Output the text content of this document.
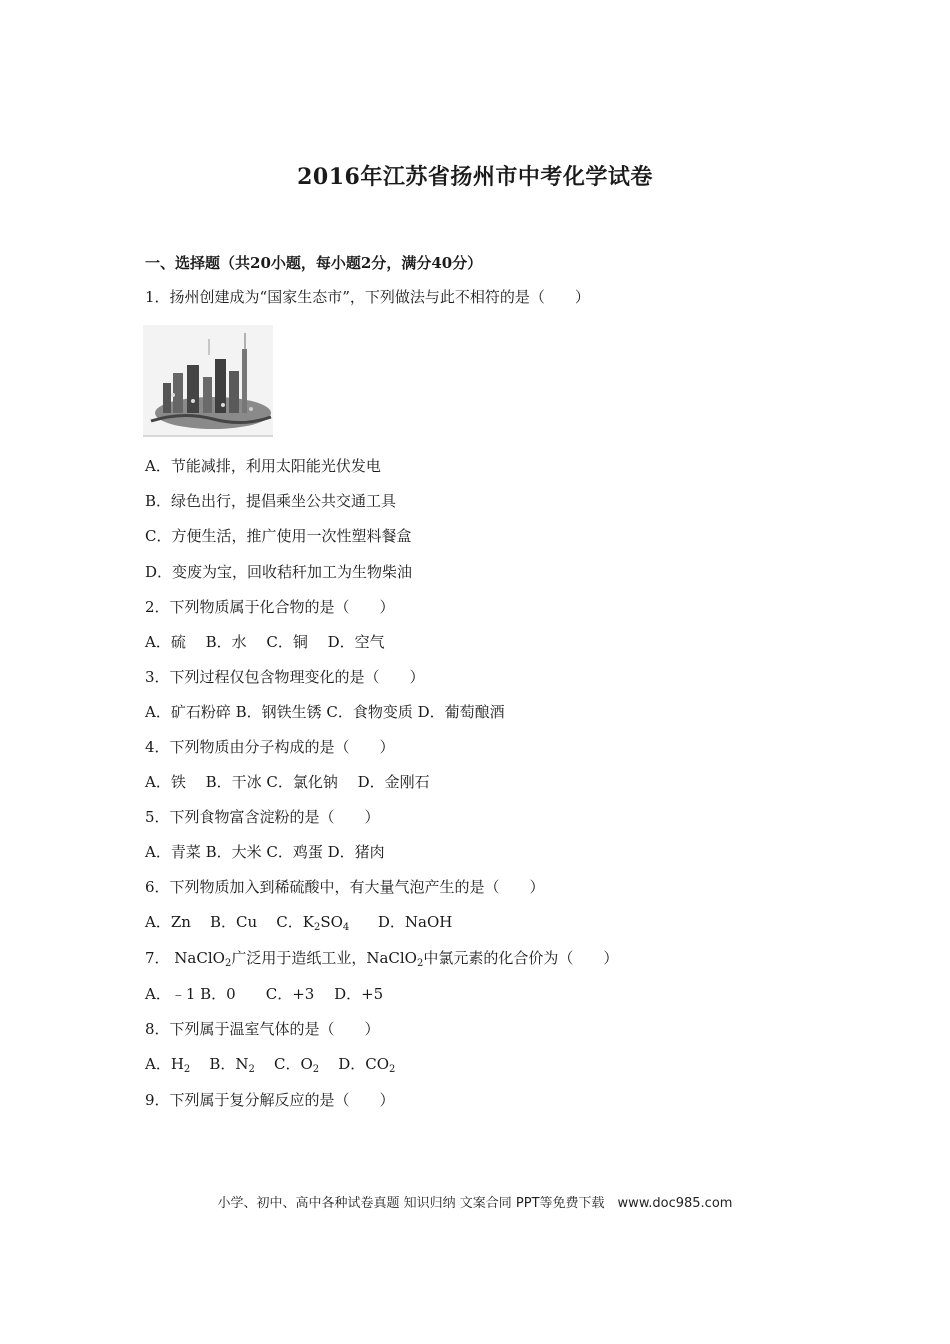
2016年江苏省扬州市中考化学试卷
一、选择题（共20小题，每小题2分，满分40分）
1．扬州创建成为“国家生态市”，下列做法与此不相符的是（　　）
A．节能减排，利用太阳能光伏发电
B．绿色出行，提倡乘坐公共交通工具
C．方便生活，推广使用一次性塑料餐盒
D．变废为宝，回收秸秆加工为生物柴油
2．下列物质属于化合物的是（　　）
A．硫　 B．水　 C．铜　 D．空气
3．下列过程仅包含物理变化的是（　　）
A．矿石粉碎 B．钢铁生锈 C．食物变质 D．葡萄酿酒
4．下列物质由分子构成的是（　　）
A．铁　 B．干冰 C．氯化钠　 D．金刚石
5．下列食物富含淀粉的是（　　）
A．青菜 B．大米 C．鸡蛋 D．猪肉
6．下列物质加入到稀硫酸中，有大量气泡产生的是（　　）
A．Zn B．Cu C．$K_2SO_4$ D．NaOH
7． NaClO$_2$广泛用于造纸工业，NaClO$_2$中氯元素的化合价为（　　）
A．﹣1 B．0　　C．+3　 D．+5
8．下列属于温室气体的是（　　）
A．$H_2$ B．$N_2$ C．$O_2$ D．$CO_2$
9．下列属于复分解反应的是（　　）
小学、初中、高中各种试卷真题 知识归纳 文案合同 PPT等免费下载　www.doc985.com
